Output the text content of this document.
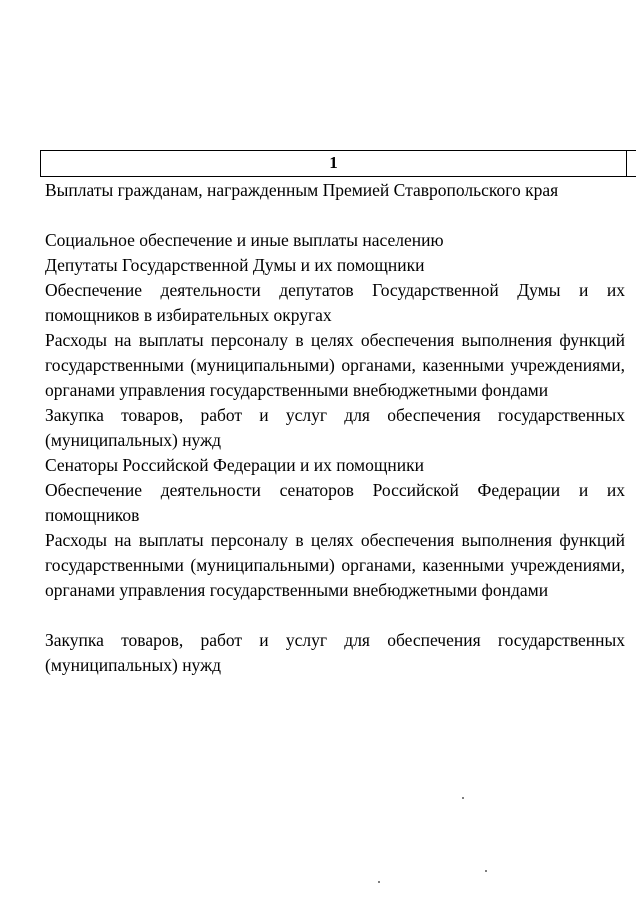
1

Выплаты гражданам, награжденным Премией Ставропольского края

Социальное обеспечение и иные выплаты населению

Депутаты Государственной Думы и их помощники

Обеспечение деятельности депутатов Государственной Думы и их помощников в избирательных округах

Расходы на выплаты персоналу в целях обеспечения выполнения функций государственными (муниципальными) органами, казенными учреждениями, органами управления государственными внебюджетными фондами

Закупка товаров, работ и услуг для обеспечения государственных (муниципальных) нужд

Сенаторы Российской Федерации и их помощники

Обеспечение деятельности сенаторов Российской Федерации и их помощников

Расходы на выплаты персоналу в целях обеспечения выполнения функций государственными (муниципальными) органами, казенными учреждениями, органами управления государственными внебюджетными фондами

Закупка товаров, работ и услуг для обеспечения государственных (муниципальных) нужд
